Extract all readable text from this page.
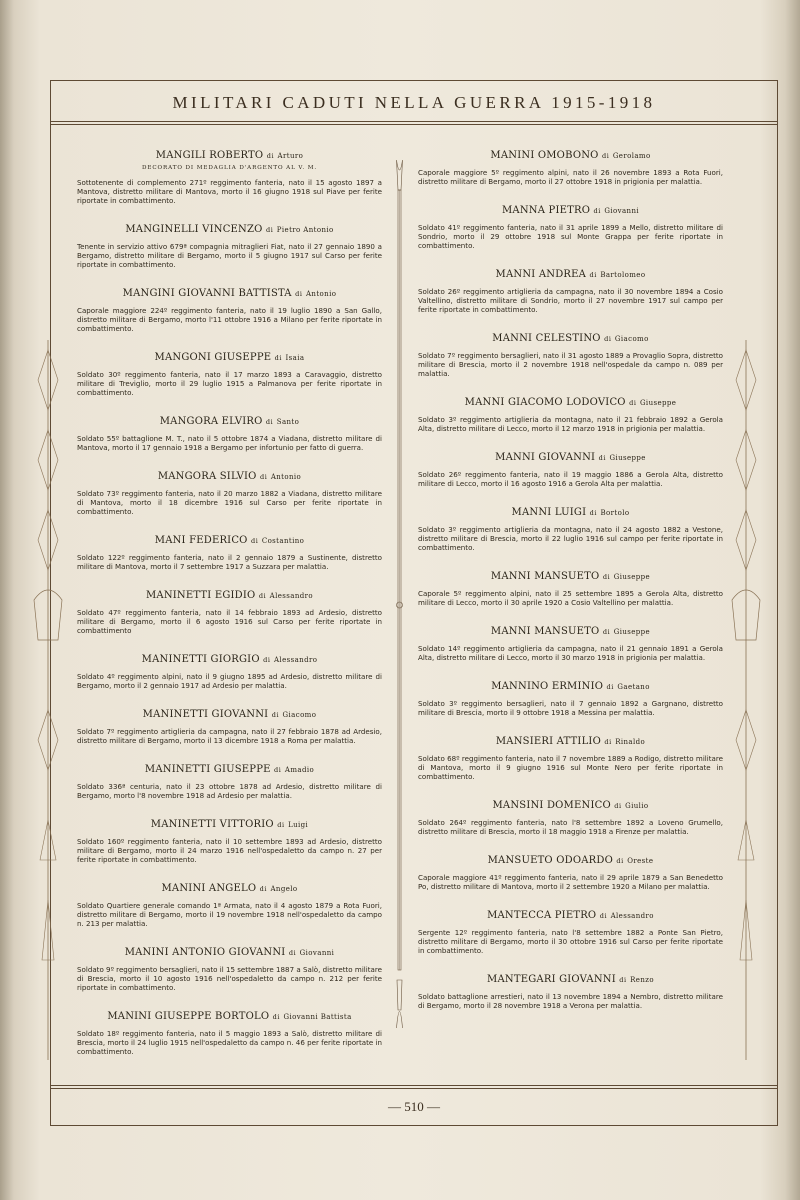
MILITARI CADUTI NELLA GUERRA 1915-1918
— 510 —
MANGILI ROBERTO di Arturo
DECORATO DI MEDAGLIA D'ARGENTO AL V. M.
Sottotenente di complemento 271º reggimento fanteria, nato il 15 agosto 1897 a Mantova, distretto militare di Mantova, morto il 16 giugno 1918 sul Piave per ferite riportate in combattimento.
MANGINELLI VINCENZO di Pietro Antonio
Tenente in servizio attivo 679ª compagnia mitraglieri Fiat, nato il 27 gennaio 1890 a Bergamo, distretto militare di Bergamo, morto il 5 giugno 1917 sul Carso per ferite riportate in combattimento.
MANGINI GIOVANNI BATTISTA di Antonio
Caporale maggiore 224º reggimento fanteria, nato il 19 luglio 1890 a San Gallo, distretto militare di Bergamo, morto l'11 ottobre 1916 a Milano per ferite riportate in combattimento.
MANGONI GIUSEPPE di Isaia
Soldato 30º reggimento fanteria, nato il 17 marzo 1893 a Caravaggio, distretto militare di Treviglio, morto il 29 luglio 1915 a Palmanova per ferite riportate in combattimento.
MANGORA ELVIRO di Santo
Soldato 55º battaglione M. T., nato il 5 ottobre 1874 a Viadana, distretto militare di Mantova, morto il 17 gennaio 1918 a Bergamo per infortunio per fatto di guerra.
MANGORA SILVIO di Antonio
Soldato 73º reggimento fanteria, nato il 20 marzo 1882 a Viadana, distretto militare di Mantova, morto il 18 dicembre 1916 sul Carso per ferite riportate in combattimento.
MANI FEDERICO di Costantino
Soldato 122º reggimento fanteria, nato il 2 gennaio 1879 a Sustinente, distretto militare di Mantova, morto il 7 settembre 1917 a Suzzara per malattia.
MANINETTI EGIDIO di Alessandro
Soldato 47º reggimento fanteria, nato il 14 febbraio 1893 ad Ardesio, distretto militare di Bergamo, morto il 6 agosto 1916 sul Carso per ferite riportate in combattimento
MANINETTI GIORGIO di Alessandro
Soldato 4º reggimento alpini, nato il 9 giugno 1895 ad Ardesio, distretto militare di Bergamo, morto il 2 gennaio 1917 ad Ardesio per malattia.
MANINETTI GIOVANNI di Giacomo
Soldato 7º reggimento artiglieria da campagna, nato il 27 febbraio 1878 ad Ardesio, distretto militare di Bergamo, morto il 13 dicembre 1918 a Roma per malattia.
MANINETTI GIUSEPPE di Amadio
Soldato 336ª centuria, nato il 23 ottobre 1878 ad Ardesio, distretto militare di Bergamo, morto l'8 novembre 1918 ad Ardesio per malattia.
MANINETTI VITTORIO di Luigi
Soldato 160º reggimento fanteria, nato il 10 settembre 1893 ad Ardesio, distretto militare di Bergamo, morto il 24 marzo 1916 nell'ospedaletto da campo n. 27 per ferite riportate in combattimento.
MANINI ANGELO di Angelo
Soldato Quartiere generale comando 1ª Armata, nato il 4 agosto 1879 a Rota Fuori, distretto militare di Bergamo, morto il 19 novembre 1918 nell'ospedaletto da campo n. 213 per malattia.
MANINI ANTONIO GIOVANNI di Giovanni
Soldato 9º reggimento bersaglieri, nato il 15 settembre 1887 a Salò, distretto militare di Brescia, morto il 10 agosto 1916 nell'ospedaletto da campo n. 212 per ferite riportate in combattimento.
MANINI GIUSEPPE BORTOLO di Giovanni Battista
Soldato 18º reggimento fanteria, nato il 5 maggio 1893 a Salò, distretto militare di Brescia, morto il 24 luglio 1915 nell'ospedaletto da campo n. 46 per ferite riportate in combattimento.
MANINI OMOBONO di Gerolamo
Caporale maggiore 5º reggimento alpini, nato il 26 novembre 1893 a Rota Fuori, distretto militare di Bergamo, morto il 27 ottobre 1918 in prigionia per malattia.
MANNA PIETRO di Giovanni
Soldato 41º reggimento fanteria, nato il 31 aprile 1899 a Mello, distretto militare di Sondrio, morto il 29 ottobre 1918 sul Monte Grappa per ferite riportate in combattimento.
MANNI ANDREA di Bartolomeo
Soldato 26º reggimento artiglieria da campagna, nato il 30 novembre 1894 a Cosio Valtellino, distretto militare di Sondrio, morto il 27 novembre 1917 sul campo per ferite riportate in combattimento.
MANNI CELESTINO di Giacomo
Soldato 7º reggimento bersaglieri, nato il 31 agosto 1889 a Provaglio Sopra, distretto militare di Brescia, morto il 2 novembre 1918 nell'ospedale da campo n. 089 per malattia.
MANNI GIACOMO LODOVICO di Giuseppe
Soldato 3º reggimento artiglieria da montagna, nato il 21 febbraio 1892 a Gerola Alta, distretto militare di Lecco, morto il 12 marzo 1918 in prigionia per malattia.
MANNI GIOVANNI di Giuseppe
Soldato 26º reggimento fanteria, nato il 19 maggio 1886 a Gerola Alta, distretto militare di Lecco, morto il 16 agosto 1916 a Gerola Alta per malattia.
MANNI LUIGI di Bortolo
Soldato 3º reggimento artiglieria da montagna, nato il 24 agosto 1882 a Vestone, distretto militare di Brescia, morto il 22 luglio 1916 sul campo per ferite riportate in combattimento.
MANNI MANSUETO di Giuseppe
Caporale 5º reggimento alpini, nato il 25 settembre 1895 a Gerola Alta, distretto militare di Lecco, morto il 30 aprile 1920 a Cosio Valtellino per malattia.
MANNI MANSUETO di Giuseppe
Soldato 14º reggimento artiglieria da campagna, nato il 21 gennaio 1891 a Gerola Alta, distretto militare di Lecco, morto il 30 marzo 1918 in prigionia per malattia.
MANNINO ERMINIO di Gaetano
Soldato 3º reggimento bersaglieri, nato il 7 gennaio 1892 a Gargnano, distretto militare di Brescia, morto il 9 ottobre 1918 a Messina per malattia.
MANSIERI ATTILIO di Rinaldo
Soldato 68º reggimento fanteria, nato il 7 novembre 1889 a Rodigo, distretto militare di Mantova, morto il 9 giugno 1916 sul Monte Nero per ferite riportate in combattimento.
MANSINI DOMENICO di Giulio
Soldato 264º reggimento fanteria, nato l'8 settembre 1892 a Loveno Grumello, distretto militare di Brescia, morto il 18 maggio 1918 a Firenze per malattia.
MANSUETO ODOARDO di Oreste
Caporale maggiore 41º reggimento fanteria, nato il 29 aprile 1879 a San Benedetto Po, distretto militare di Mantova, morto il 2 settembre 1920 a Milano per malattia.
MANTECCA PIETRO di Alessandro
Sergente 12º reggimento fanteria, nato l'8 settembre 1882 a Ponte San Pietro, distretto militare di Bergamo, morto il 30 ottobre 1916 sul Carso per ferite riportate in combattimento.
MANTEGARI GIOVANNI di Renzo
Soldato battaglione arrestieri, nato il 13 novembre 1894 a Nembro, distretto militare di Bergamo, morto il 28 novembre 1918 a Verona per malattia.
